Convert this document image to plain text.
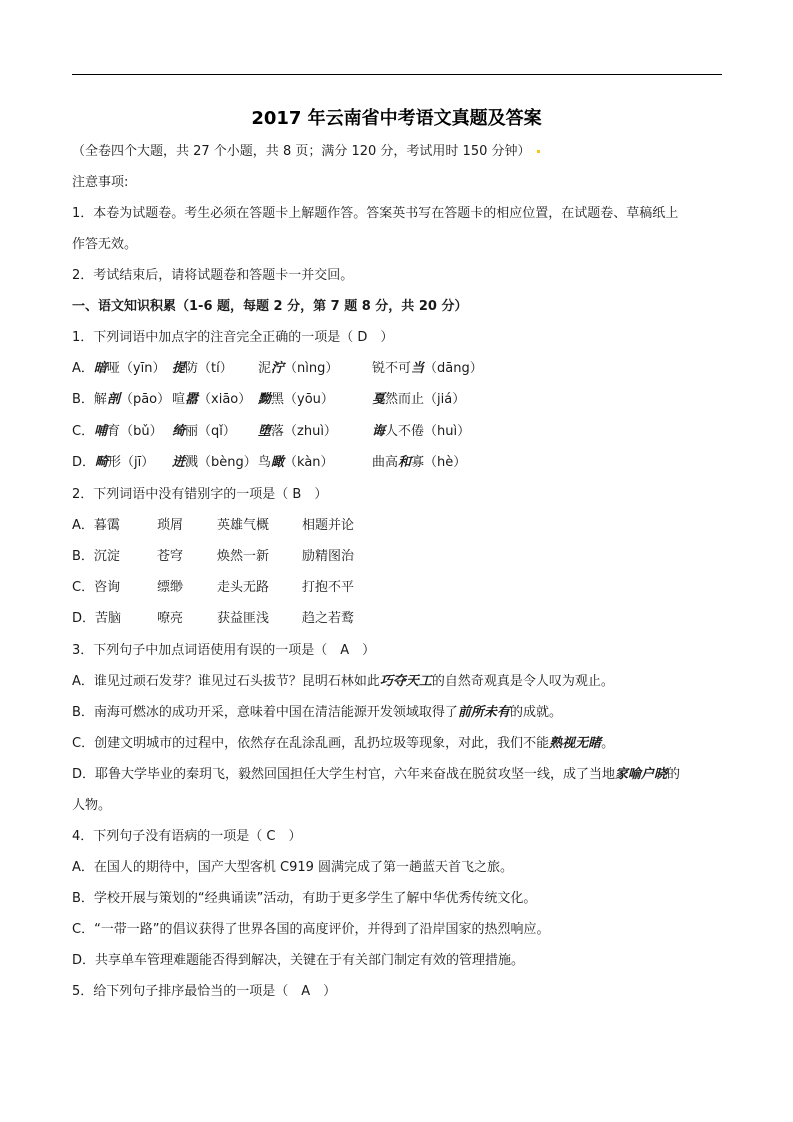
2017 年云南省中考语文真题及答案
（全卷四个大题，共 27 个小题，共 8 页；满分 120 分，考试用时 150 分钟）
注意事项:
1．本卷为试题卷。考生必须在答题卡上解题作答。答案英书写在答题卡的相应位置，在试题卷、草稿纸上
作答无效。
2．考试结束后，请将试题卷和答题卡一并交回。
一、语文知识积累（1-6 题，每题 2 分，第 7 题 8 分，共 20 分）
1．下列词语中加点字的注音完全正确的一项是（ D　）
A．暗哑（yīn） 提防（tí） 泥泞（nìng）	锐不可当（dāng）
B．解剖（pāo） 喧嚣（xiāo） 黝黑（yōu）	戛然而止（jiá）
C．哺育（bǔ） 绮丽（qǐ） 堕落（zhuì）	诲人不倦（huì）
D．畸形（jī） 迸溅（bèng） 鸟瞰（kàn）	曲高和寡（hè）
2．下列词语中没有错别字的一项是（ B　）
A．暮霭	琐屑	英雄气概	相题并论
B．沉淀	苍穹	焕然一新	励精图治
C．咨询	缥缈	走头无路	打抱不平
D．苦脑	嘹亮	获益匪浅	趋之若鹜
3．下列句子中加点词语使用有误的一项是（　A　）
A．谁见过顽石发芽？谁见过石头拔节？昆明石林如此巧夺天工的自然奇观真是令人叹为观止。
B．南海可燃冰的成功开采，意味着中国在清洁能源开发领域取得了前所未有的成就。
C．创建文明城市的过程中，依然存在乱涂乱画，乱扔垃圾等现象，对此，我们不能熟视无睹。
D．耶鲁大学毕业的秦玥飞，毅然回国担任大学生村官，六年来奋战在脱贫攻坚一线，成了当地家喻户晓的
人物。
4．下列句子没有语病的一项是（ C　）
A．在国人的期待中，国产大型客机 C919 圆满完成了第一趟蓝天首飞之旅。
B．学校开展与策划的“经典诵读”活动，有助于更多学生了解中华优秀传统文化。
C．“一带一路”的倡议获得了世界各国的高度评价，并得到了沿岸国家的热烈响应。
D．共享单车管理难题能否得到解决，关键在于有关部门制定有效的管理措施。
5．给下列句子排序最恰当的一项是（　A　）
